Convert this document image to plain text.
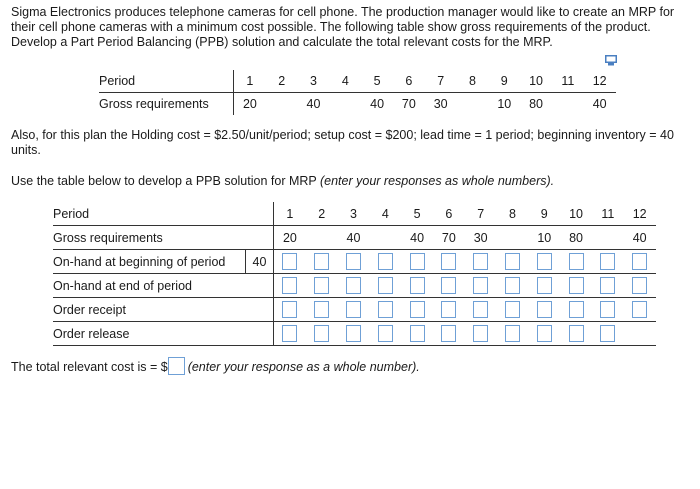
Sigma Electronics produces telephone cameras for cell phone. The production manager would like to create an MRP for their cell phone cameras with a minimum cost possible. The following table show gross requirements of the product. Develop a Part Period Balancing (PPB) solution and calculate the total relevant costs for the MRP.
Period	1	2	3	4	5	6	7	8	9	10	11	12
Gross requirements	20		40		40	70	30		10	80		40
Also, for this plan the Holding cost = $2.50/unit/period; setup cost = $200; lead time = 1 period; beginning inventory = 40 units.
Use the table below to develop a PPB solution for MRP (enter your responses as whole numbers).
Period		1	2	3	4	5	6	7	8	9	10	11	12
Gross requirements		20		40		40	70	30		10	80		40
On-hand at beginning of period	40												
On-hand at end of period													
Order receipt													
Order release													
The total relevant cost is = $ (enter your response as a whole number).
